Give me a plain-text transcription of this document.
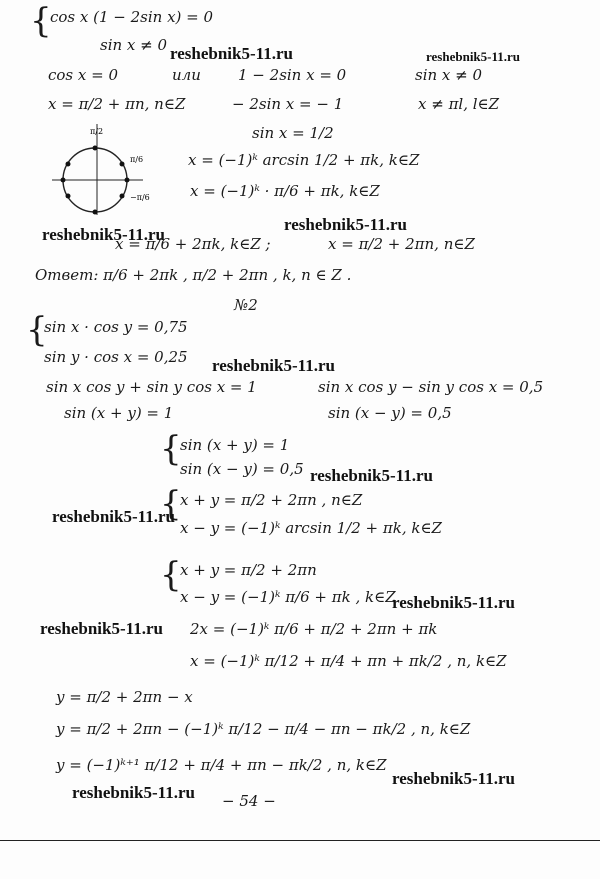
{
cos x (1 − 2sin x) = 0
sin x ≠ 0
cos x = 0	или 1 − 2sin x = 0	sin x ≠ 0
x = π/2 + πn, n∈Z	− 2sin x = − 1	x ≠ πl, l∈Z
sin x = 1/2
π/2
π/6
−π/6
x = (−1)ᵏ arcsin 1/2 + πk, k∈Z
x = (−1)ᵏ · π/6 + πk, k∈Z
x = π/6 + 2πk, k∈Z ;	x = π/2 + 2πn, n∈Z
Ответ: π/6 + 2πk , π/2 + 2πn , k, n ∈ Z .
№2
{
sin x · cos y = 0,75
sin y · cos x = 0,25
sin x cos y + sin y cos x = 1	sin x cos y − sin y cos x = 0,5
sin (x + y) = 1	sin (x − y) = 0,5
{
sin (x + y) = 1
sin (x − y) = 0,5
{
x + y = π/2 + 2πn , n∈Z
x − y = (−1)ᵏ arcsin 1/2 + πk, k∈Z
{
x + y = π/2 + 2πn
x − y = (−1)ᵏ π/6 + πk , k∈Z
2x = (−1)ᵏ π/6 + π/2 + 2πn + πk
x = (−1)ᵏ π/12 + π/4 + πn + πk/2 , n, k∈Z
y = π/2 + 2πn − x
y = π/2 + 2πn − (−1)ᵏ π/12 − π/4 − πn − πk/2 , n, k∈Z
y = (−1)ᵏ⁺¹ π/12 + π/4 + πn − πk/2 , n, k∈Z
− 54 −
reshebnik5-11.ru	reshebnik5-11.ru
reshebnik5-11.ru
reshebnik5-11.ru
reshebnik5-11.ru
reshebnik5-11.ru
reshebnik5-11.ru
reshebnik5-11.ru
reshebnik5-11.ru
reshebnik5-11.ru
reshebnik5-11.ru
